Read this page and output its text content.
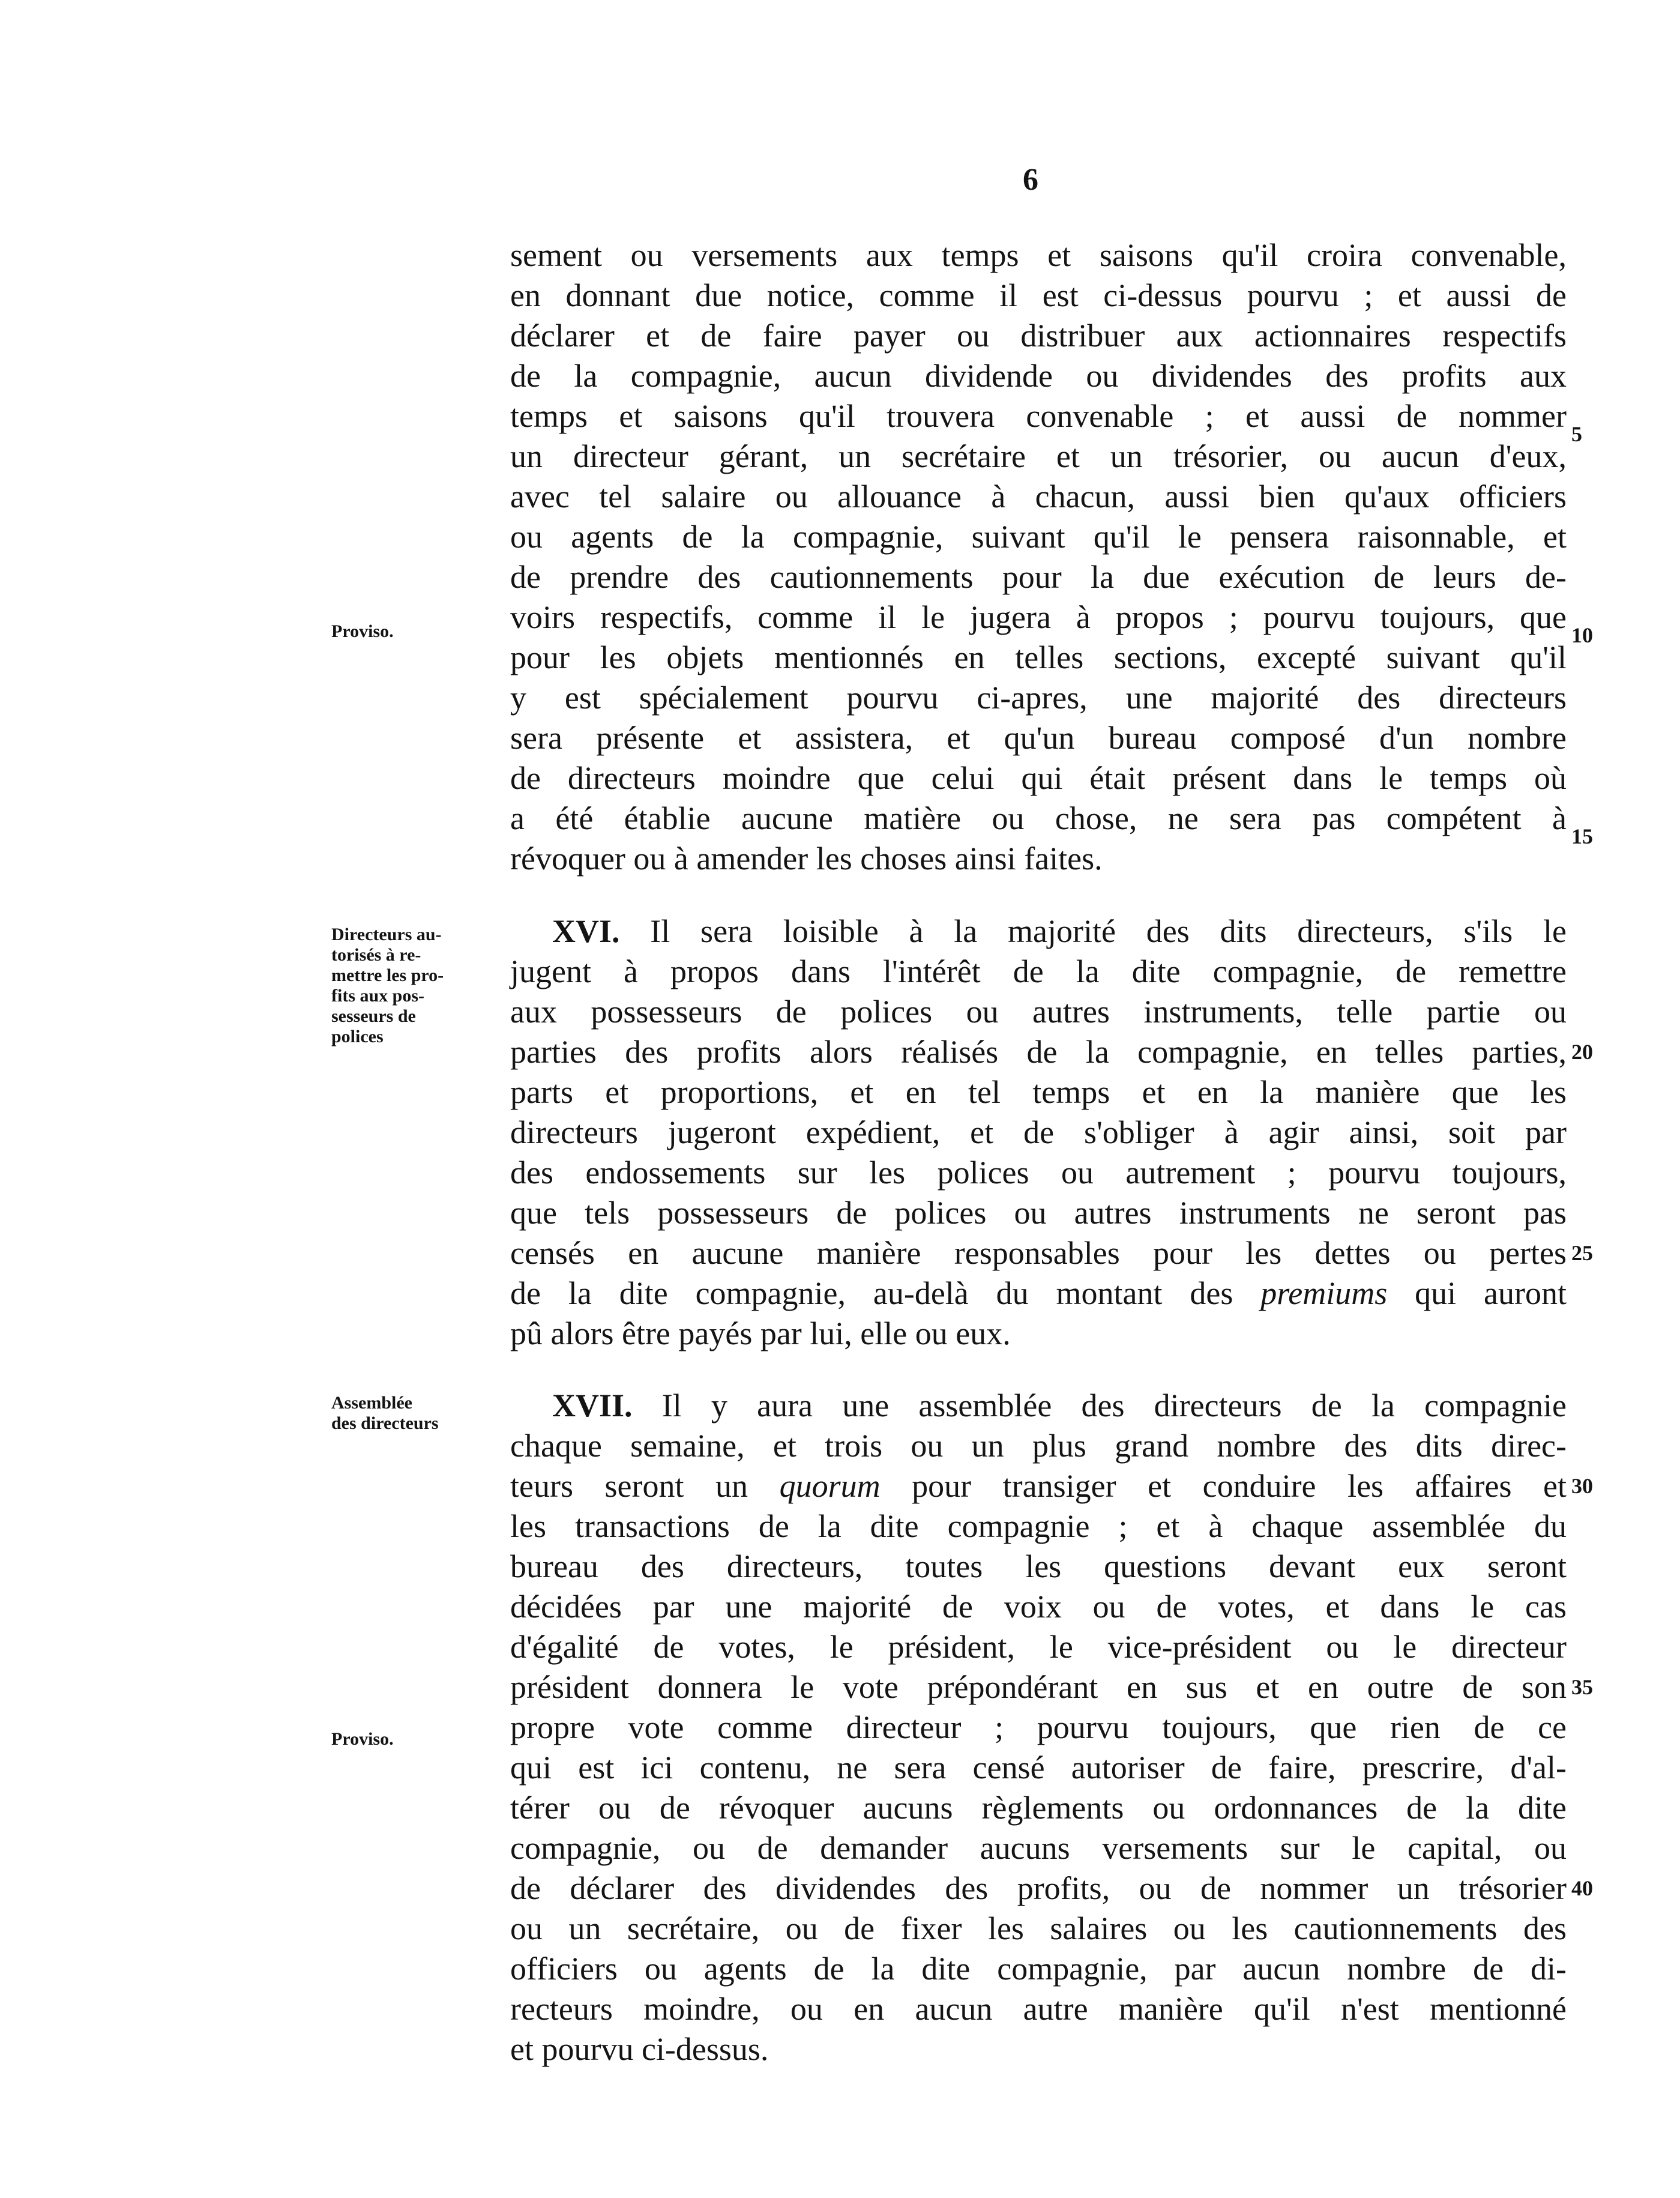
6
sement ou versements aux temps et saisons qu'il croira convenable,
en donnant due notice, comme il est ci-dessus pourvu ; et aussi de
déclarer et de faire payer ou distribuer aux actionnaires respectifs
de la compagnie, aucun dividende ou dividendes des profits aux
temps et saisons qu'il trouvera convenable ; et aussi de nommer
un directeur gérant, un secrétaire et un trésorier, ou aucun d'eux,
avec tel salaire ou allouance à chacun, aussi bien qu'aux officiers
ou agents de la compagnie, suivant qu'il le pensera raisonnable, et
de prendre des cautionnements pour la due exécution de leurs de-
voirs respectifs, comme il le jugera à propos ; pourvu toujours, que
pour les objets mentionnés en telles sections, excepté suivant qu'il
y est spécialement pourvu ci-apres, une majorité des directeurs
sera présente et assistera, et qu'un bureau composé d'un nombre
de directeurs moindre que celui qui était présent dans le temps où
a été établie aucune matière ou chose, ne sera pas compétent à
révoquer ou à amender les choses ainsi faites.
XVI. Il sera loisible à la majorité des dits directeurs, s'ils le
jugent à propos dans l'intérêt de la dite compagnie, de remettre
aux possesseurs de polices ou autres instruments, telle partie ou
parties des profits alors réalisés de la compagnie, en telles parties,
parts et proportions, et en tel temps et en la manière que les
directeurs jugeront expédient, et de s'obliger à agir ainsi, soit par
des endossements sur les polices ou autrement ; pourvu toujours,
que tels possesseurs de polices ou autres instruments ne seront pas
censés en aucune manière responsables pour les dettes ou pertes
de la dite compagnie, au-delà du montant des premiums qui auront
pû alors être payés par lui, elle ou eux.
XVII. Il y aura une assemblée des directeurs de la compagnie
chaque semaine, et trois ou un plus grand nombre des dits direc-
teurs seront un quorum pour transiger et conduire les affaires et
les transactions de la dite compagnie ; et à chaque assemblée du
bureau des directeurs, toutes les questions devant eux seront
décidées par une majorité de voix ou de votes, et dans le cas
d'égalité de votes, le président, le vice-président ou le directeur
président donnera le vote prépondérant en sus et en outre de son
propre vote comme directeur ; pourvu toujours, que rien de ce
qui est ici contenu, ne sera censé autoriser de faire, prescrire, d'al-
térer ou de révoquer aucuns règlements ou ordonnances de la dite
compagnie, ou de demander aucuns versements sur le capital, ou
de déclarer des dividendes des profits, ou de nommer un trésorier
ou un secrétaire, ou de fixer les salaires ou les cautionnements des
officiers ou agents de la dite compagnie, par aucun nombre de di-
recteurs moindre, ou en aucun autre manière qu'il n'est mentionné
et pourvu ci-dessus.
Proviso.
Directeurs au-
torisés à re-
mettre les pro-
fits aux pos-
sesseurs de
polices
Assemblée
des directeurs
Proviso.
5
10
15
20
25
30
35
40
